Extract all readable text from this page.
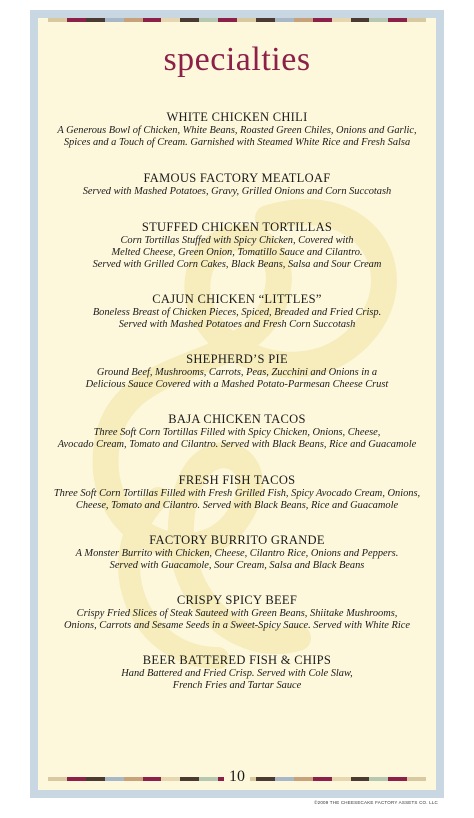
specialties
WHITE CHICKEN CHILI
A Generous Bowl of Chicken, White Beans, Roasted Green Chiles, Onions and Garlic,
Spices and a Touch of Cream. Garnished with Steamed White Rice and Fresh Salsa
FAMOUS FACTORY MEATLOAF
Served with Mashed Potatoes, Gravy, Grilled Onions and Corn Succotash
STUFFED CHICKEN TORTILLAS
Corn Tortillas Stuffed with Spicy Chicken, Covered with
Melted Cheese, Green Onion, Tomatillo Sauce and Cilantro.
Served with Grilled Corn Cakes, Black Beans, Salsa and Sour Cream
CAJUN CHICKEN “LITTLES”
Boneless Breast of Chicken Pieces, Spiced, Breaded and Fried Crisp.
Served with Mashed Potatoes and Fresh Corn Succotash
SHEPHERD’S PIE
Ground Beef, Mushrooms, Carrots, Peas, Zucchini and Onions in a
Delicious Sauce Covered with a Mashed Potato-Parmesan Cheese Crust
BAJA CHICKEN TACOS
Three Soft Corn Tortillas Filled with Spicy Chicken, Onions, Cheese,
Avocado Cream, Tomato and Cilantro. Served with Black Beans, Rice and Guacamole
FRESH FISH TACOS
Three Soft Corn Tortillas Filled with Fresh Grilled Fish, Spicy Avocado Cream, Onions,
Cheese, Tomato and Cilantro. Served with Black Beans, Rice and Guacamole
FACTORY BURRITO GRANDE
A Monster Burrito with Chicken, Cheese, Cilantro Rice, Onions and Peppers.
Served with Guacamole, Sour Cream, Salsa and Black Beans
CRISPY SPICY BEEF
Crispy Fried Slices of Steak Sauteed with Green Beans, Shiitake Mushrooms,
Onions, Carrots and Sesame Seeds in a Sweet-Spicy Sauce. Served with White Rice
BEER BATTERED FISH & CHIPS
Hand Battered and Fried Crisp. Served with Cole Slaw,
French Fries and Tartar Sauce
10
©2009 THE CHEESECAKE FACTORY ASSETS CO. LLC
